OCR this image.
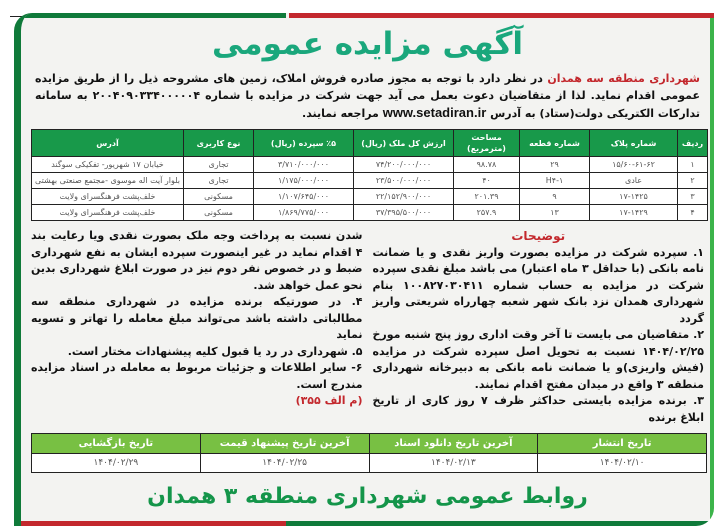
آگهی مزایده عمومی
شهرداری منطقه سه همدان در نظر دارد با توجه به مجوز صادره فروش املاک، زمین های مشروحه ذیل را از طریق مزایده عمومی اقدام نماید. لذا از متقاضیان دعوت بعمل می آید جهت شرکت در مزایده با شماره ۲۰۰۴۰۹۰۳۳۴۰۰۰۰۰۴ به سامانه تدارکات الکتریکی دولت(ستاد) به آدرس www.setadiran.ir مراجعه نمایند.
ردیف	شماره پلاک	شماره قطعه	مساحت (مترمربع)	ارزش کل ملک (ریال)	٪۵ سپرده (ریال)	نوع کاربری	آدرس
۱	۱۵/۶۰-۶۱-۶۲	۲۹	۹۸.۷۸	۷۴/۲۰۰/۰۰۰/۰۰۰	۳/۷۱۰/۰۰۰/۰۰۰	تجاری	خیابان ۱۷ شهریور- تفکیکی سوگند
۲	عادی	H۴-۱	۴۰	۲۳/۵۰۰/۰۰۰/۰۰۰	۱/۱۷۵/۰۰۰/۰۰۰	تجاری	بلوار آیت اله موسوی -مجتمع صنعتی بهشتی
۳	۱۷-۱۴۲۵	۹	۲۰۱.۳۹	۲۲/۱۵۲/۹۰۰/۰۰۰	۱/۱۰۷/۶۴۵/۰۰۰	مسکونی	خلف‌پشت فرهنگسرای ولایت
۴	۱۷-۱۴۲۹	۱۳	۲۵۷.۹	۳۷/۳۹۵/۵۰۰/۰۰۰	۱/۸۶۹/۷۷۵/۰۰۰	مسکونی	خلف‌پشت فرهنگسرای ولایت
توضیحات
۱. سپرده شرکت در مزایده بصورت واریز نقدی و یا ضمانت نامه بانکی (با حداقل ۳ ماه اعتبار) می باشد مبلغ نقدی سپرده شرکت در مزایده به حساب شماره ۱۰۰۸۲۷۰۳۰۴۱۱ بنام شهرداری همدان نزد بانک شهر شعبه چهارراه شریعتی واریز گردد
۲. متقاضیان می بایست تا آخر وقت اداری روز پنج شنبه مورخ ۱۴۰۴/۰۲/۲۵ نسبت به تحویل اصل سپرده شرکت در مزایده (فیش واریزی)و یا ضمانت نامه بانکی به دبیرخانه شهرداری منطقه ۳ واقع در میدان مفتح اقدام نمایند.
۳. برنده مزایده بایستی حداکثر ظرف ۷ روز کاری از تاریخ ابلاغ برنده
شدن نسبت به پرداخت وجه ملک بصورت نقدی ویا رعایت بند ۴ اقدام نماید در غیر اینصورت سپرده ایشان به نفع شهرداری ضبط و در خصوص نفر دوم نیز در صورت ابلاغ شهرداری بدین نحو عمل خواهد شد.
۴. در صورتیکه برنده مزایده در شهرداری منطقه سه مطالباتی داشته باشد می‌تواند مبلغ معامله را تهاتر و تسویه نماید
۵. شهرداری در رد یا قبول کلیه پیشنهادات مختار است.
۶- سایر اطلاعات و جزئیات مربوط به معامله در اسناد مزایده مندرج است.
(م الف ۳۵۵)
تاریخ انتشار	آخرین تاریخ دانلود اسناد	آخرین تاریخ پیشنهاد قیمت	تاریخ بازگشایی
۱۴۰۴/۰۲/۱۰	۱۴۰۴/۰۲/۱۳	۱۴۰۴/۰۲/۲۵	۱۴۰۴/۰۲/۲۹
روابط عمومی شهرداری منطقه ۳ همدان
